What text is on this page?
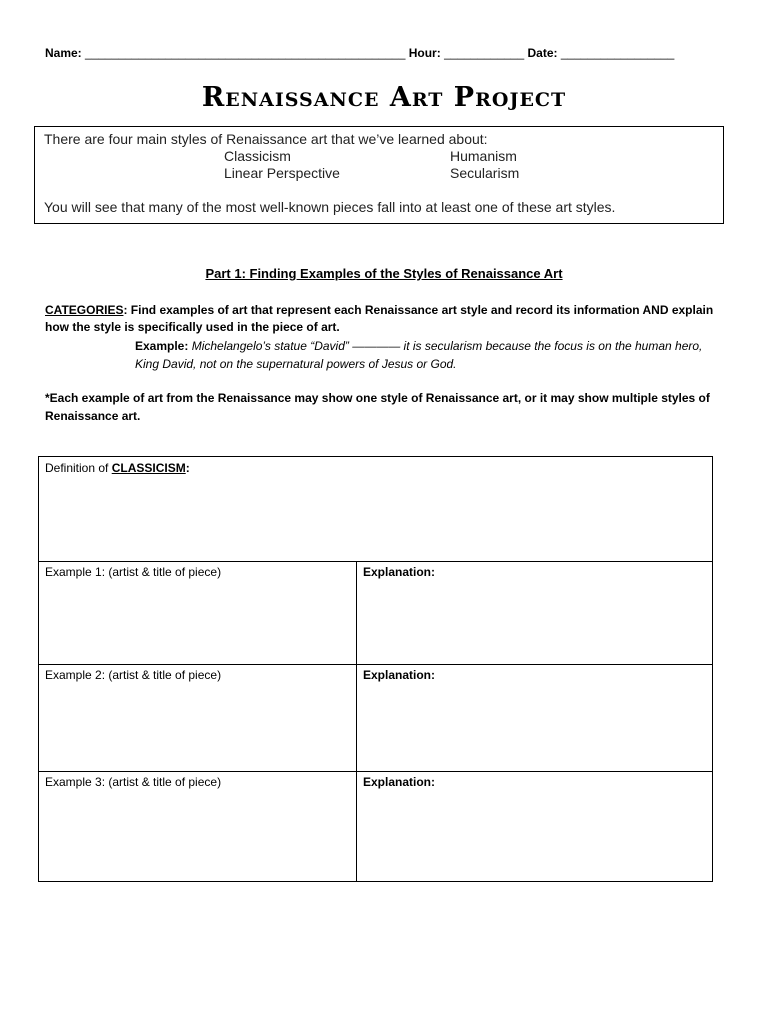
Name: ________________________________________________ Hour: ____________ Date: _________________
Renaissance Art Project
There are four main styles of Renaissance art that we’ve learned about:
Classicism	Humanism
Linear Perspective	Secularism
You will see that many of the most well-known pieces fall into at least one of these art styles.
Part 1: Finding Examples of the Styles of Renaissance Art
CATEGORIES: Find examples of art that represent each Renaissance art style and record its information AND explain how the style is specifically used in the piece of art.
Example: Michelangelo’s statue “David” ———— it is secularism because the focus is on the human hero, King David, not on the supernatural powers of Jesus or God.
*Each example of art from the Renaissance may show one style of Renaissance art, or it may show multiple styles of Renaissance art.
Definition of CLASSICISM:
Example 1: (artist & title of piece)	Explanation:
Example 2: (artist & title of piece)	Explanation:
Example 3: (artist & title of piece)	Explanation:
